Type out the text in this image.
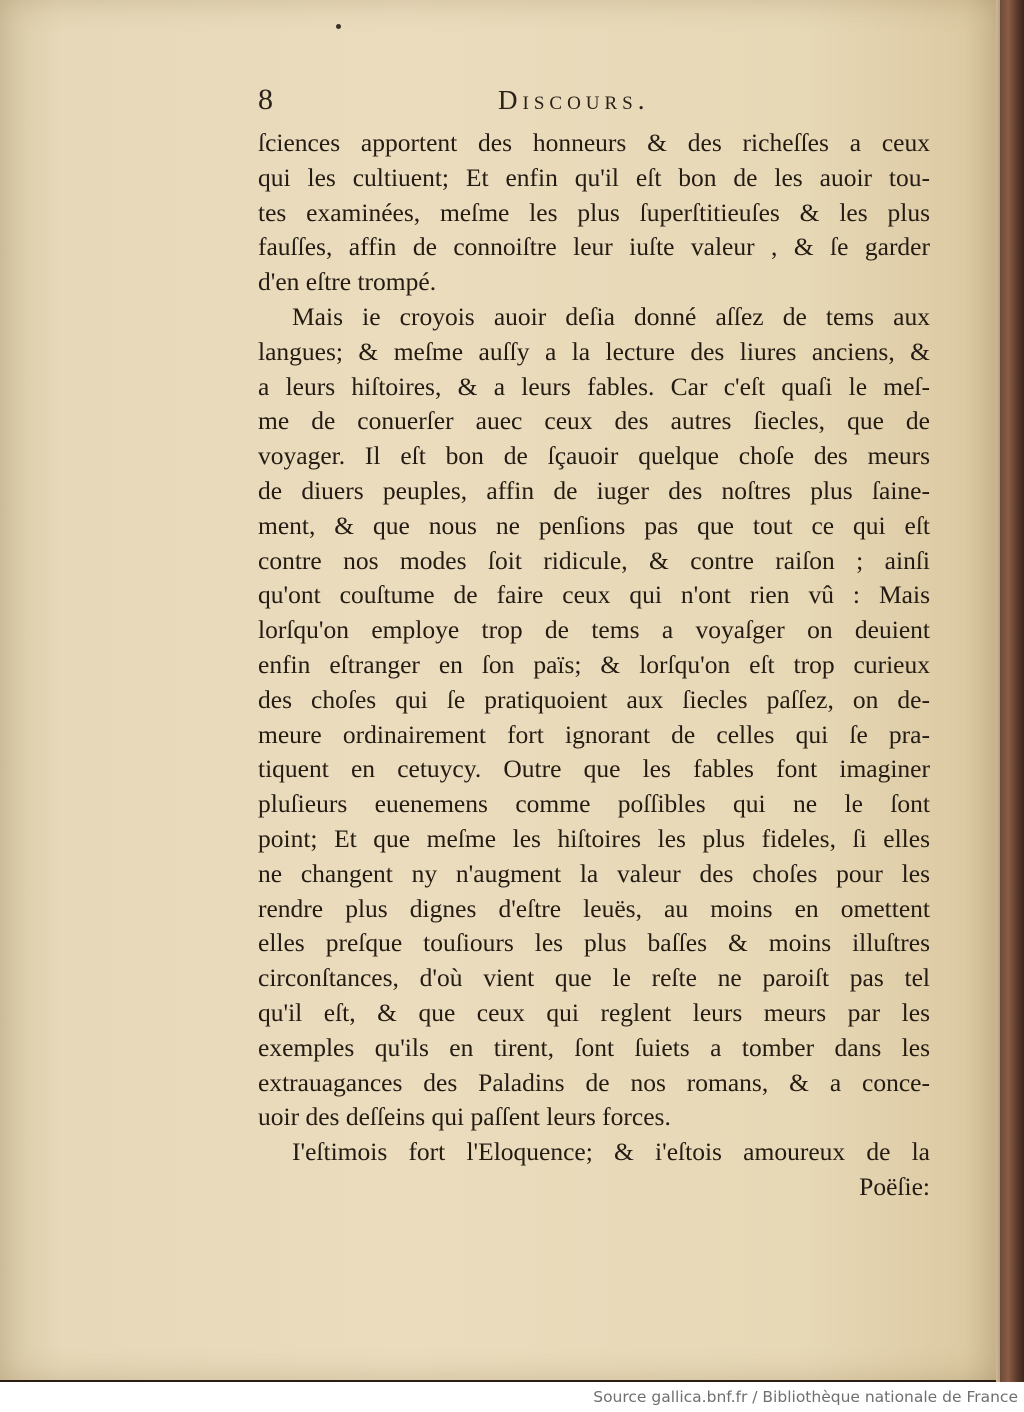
8	Discours.
ſciences apportent des honneurs & des richeſſes a ceux
qui les cultiuent; Et enfin qu'il eſt bon de les auoir tou-
tes examinées, meſme les plus ſuperſtitieuſes & les plus
fauſſes, affin de connoiſtre leur iuſte valeur , & ſe garder
d'en eſtre trompé.
Mais ie croyois auoir deſia donné aſſez de tems aux
langues; & meſme auſſy a la lecture des liures anciens, &
a leurs hiſtoires, & a leurs fables. Car c'eſt quaſi le meſ-
me de conuerſer auec ceux des autres ſiecles, que de
voyager. Il eſt bon de ſçauoir quelque choſe des meurs
de diuers peuples, affin de iuger des noſtres plus ſaine-
ment, & que nous ne penſions pas que tout ce qui eſt
contre nos modes ſoit ridicule, & contre raiſon ; ainſi
qu'ont couſtume de faire ceux qui n'ont rien vû : Mais
lorſqu'on employe trop de tems a voyaſger on deuient
enfin eſtranger en ſon païs; & lorſqu'on eſt trop curieux
des choſes qui ſe pratiquoient aux ſiecles paſſez, on de-
meure ordinairement fort ignorant de celles qui ſe pra-
tiquent en cetuycy. Outre que les fables font imaginer
pluſieurs euenemens comme poſſibles qui ne le ſont
point; Et que meſme les hiſtoires les plus fideles, ſi elles
ne changent ny n'augment la valeur des choſes pour les
rendre plus dignes d'eſtre leuës, au moins en omettent
elles preſque touſiours les plus baſſes & moins illuſtres
circonſtances, d'où vient que le reſte ne paroiſt pas tel
qu'il eſt, & que ceux qui reglent leurs meurs par les
exemples qu'ils en tirent, ſont ſuiets a tomber dans les
extrauagances des Paladins de nos romans, & a conce-
uoir des deſſeins qui paſſent leurs forces.
I'eſtimois fort l'Eloquence; & i'eſtois amoureux de la
Poëſie:
Source gallica.bnf.fr / Bibliothèque nationale de France
